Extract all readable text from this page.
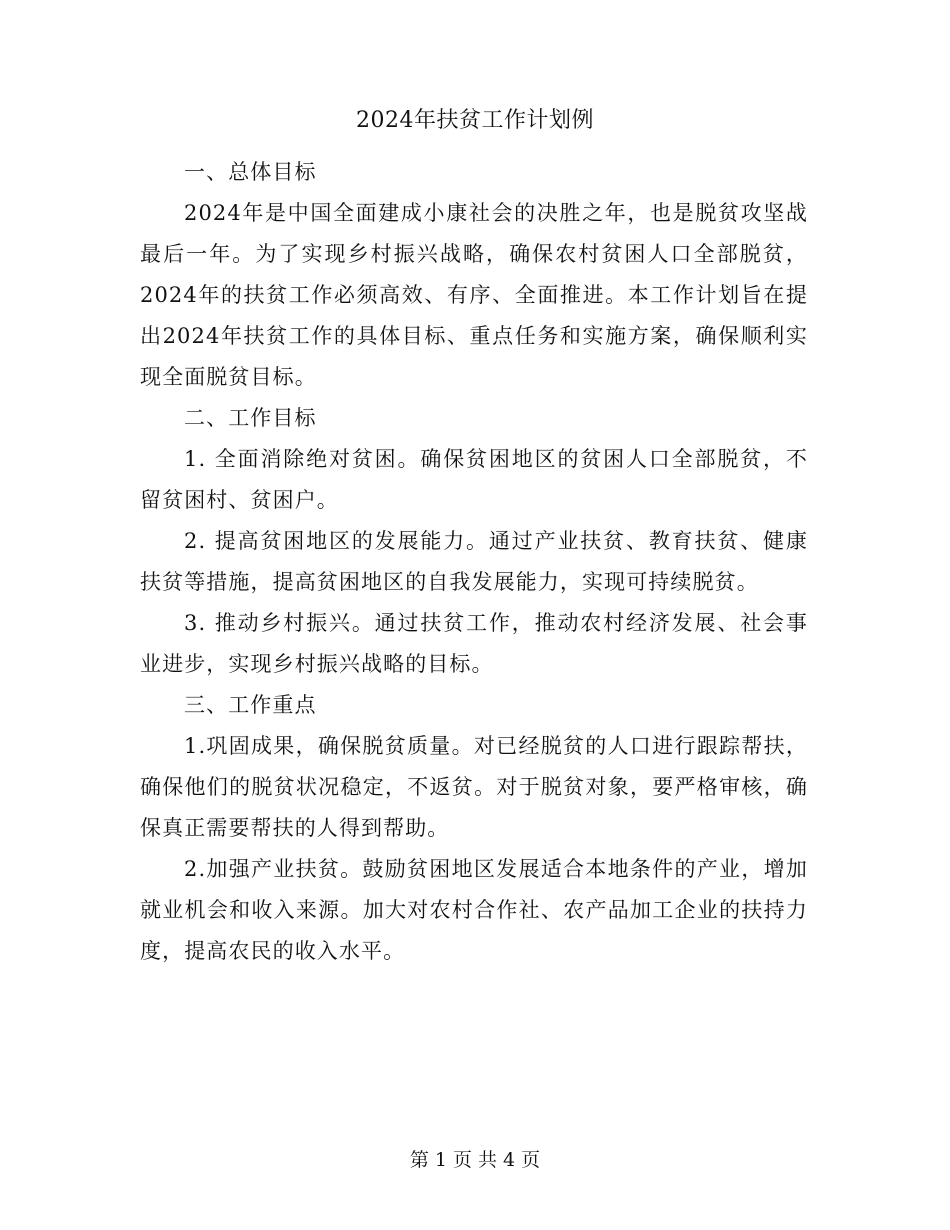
2024年扶贫工作计划例

一、总体目标

2024年是中国全面建成小康社会的决胜之年，也是脱贫攻坚战最后一年。为了实现乡村振兴战略，确保农村贫困人口全部脱贫，2024年的扶贫工作必须高效、有序、全面推进。本工作计划旨在提出2024年扶贫工作的具体目标、重点任务和实施方案，确保顺利实现全面脱贫目标。

二、工作目标

1. 全面消除绝对贫困。确保贫困地区的贫困人口全部脱贫，不留贫困村、贫困户。

2. 提高贫困地区的发展能力。通过产业扶贫、教育扶贫、健康扶贫等措施，提高贫困地区的自我发展能力，实现可持续脱贫。

3. 推动乡村振兴。通过扶贫工作，推动农村经济发展、社会事业进步，实现乡村振兴战略的目标。

三、工作重点

1.巩固成果，确保脱贫质量。对已经脱贫的人口进行跟踪帮扶，确保他们的脱贫状况稳定，不返贫。对于脱贫对象，要严格审核，确保真正需要帮扶的人得到帮助。

2.加强产业扶贫。鼓励贫困地区发展适合本地条件的产业，增加就业机会和收入来源。加大对农村合作社、农产品加工企业的扶持力度，提高农民的收入水平。

第 1 页 共 4 页
